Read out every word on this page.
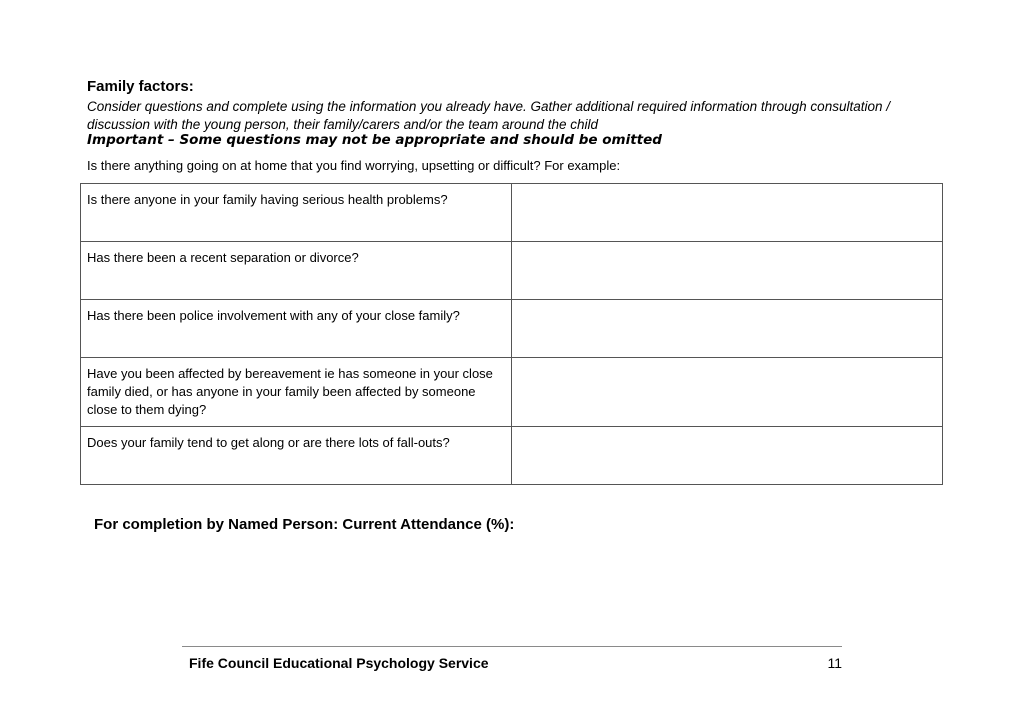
Family factors:
Consider questions and complete using the information you already have. Gather additional required information through consultation / discussion with the young person, their family/carers and/or the team around the child
Important – Some questions may not be appropriate and should be omitted
Is there anything going on at home that you find worrying, upsetting or difficult? For example:
Is there anyone in your family having serious health problems?	

Has there been a recent separation or divorce?	

Has there been police involvement with any of your close family?	

Have you been affected by bereavement ie has someone in your close family died, or has anyone in your family been affected by someone close to them dying?	

Does your family tend to get along or are there lots of fall-outs?	
For completion by Named Person: Current Attendance (%):
Fife Council Educational Psychology Service	11
